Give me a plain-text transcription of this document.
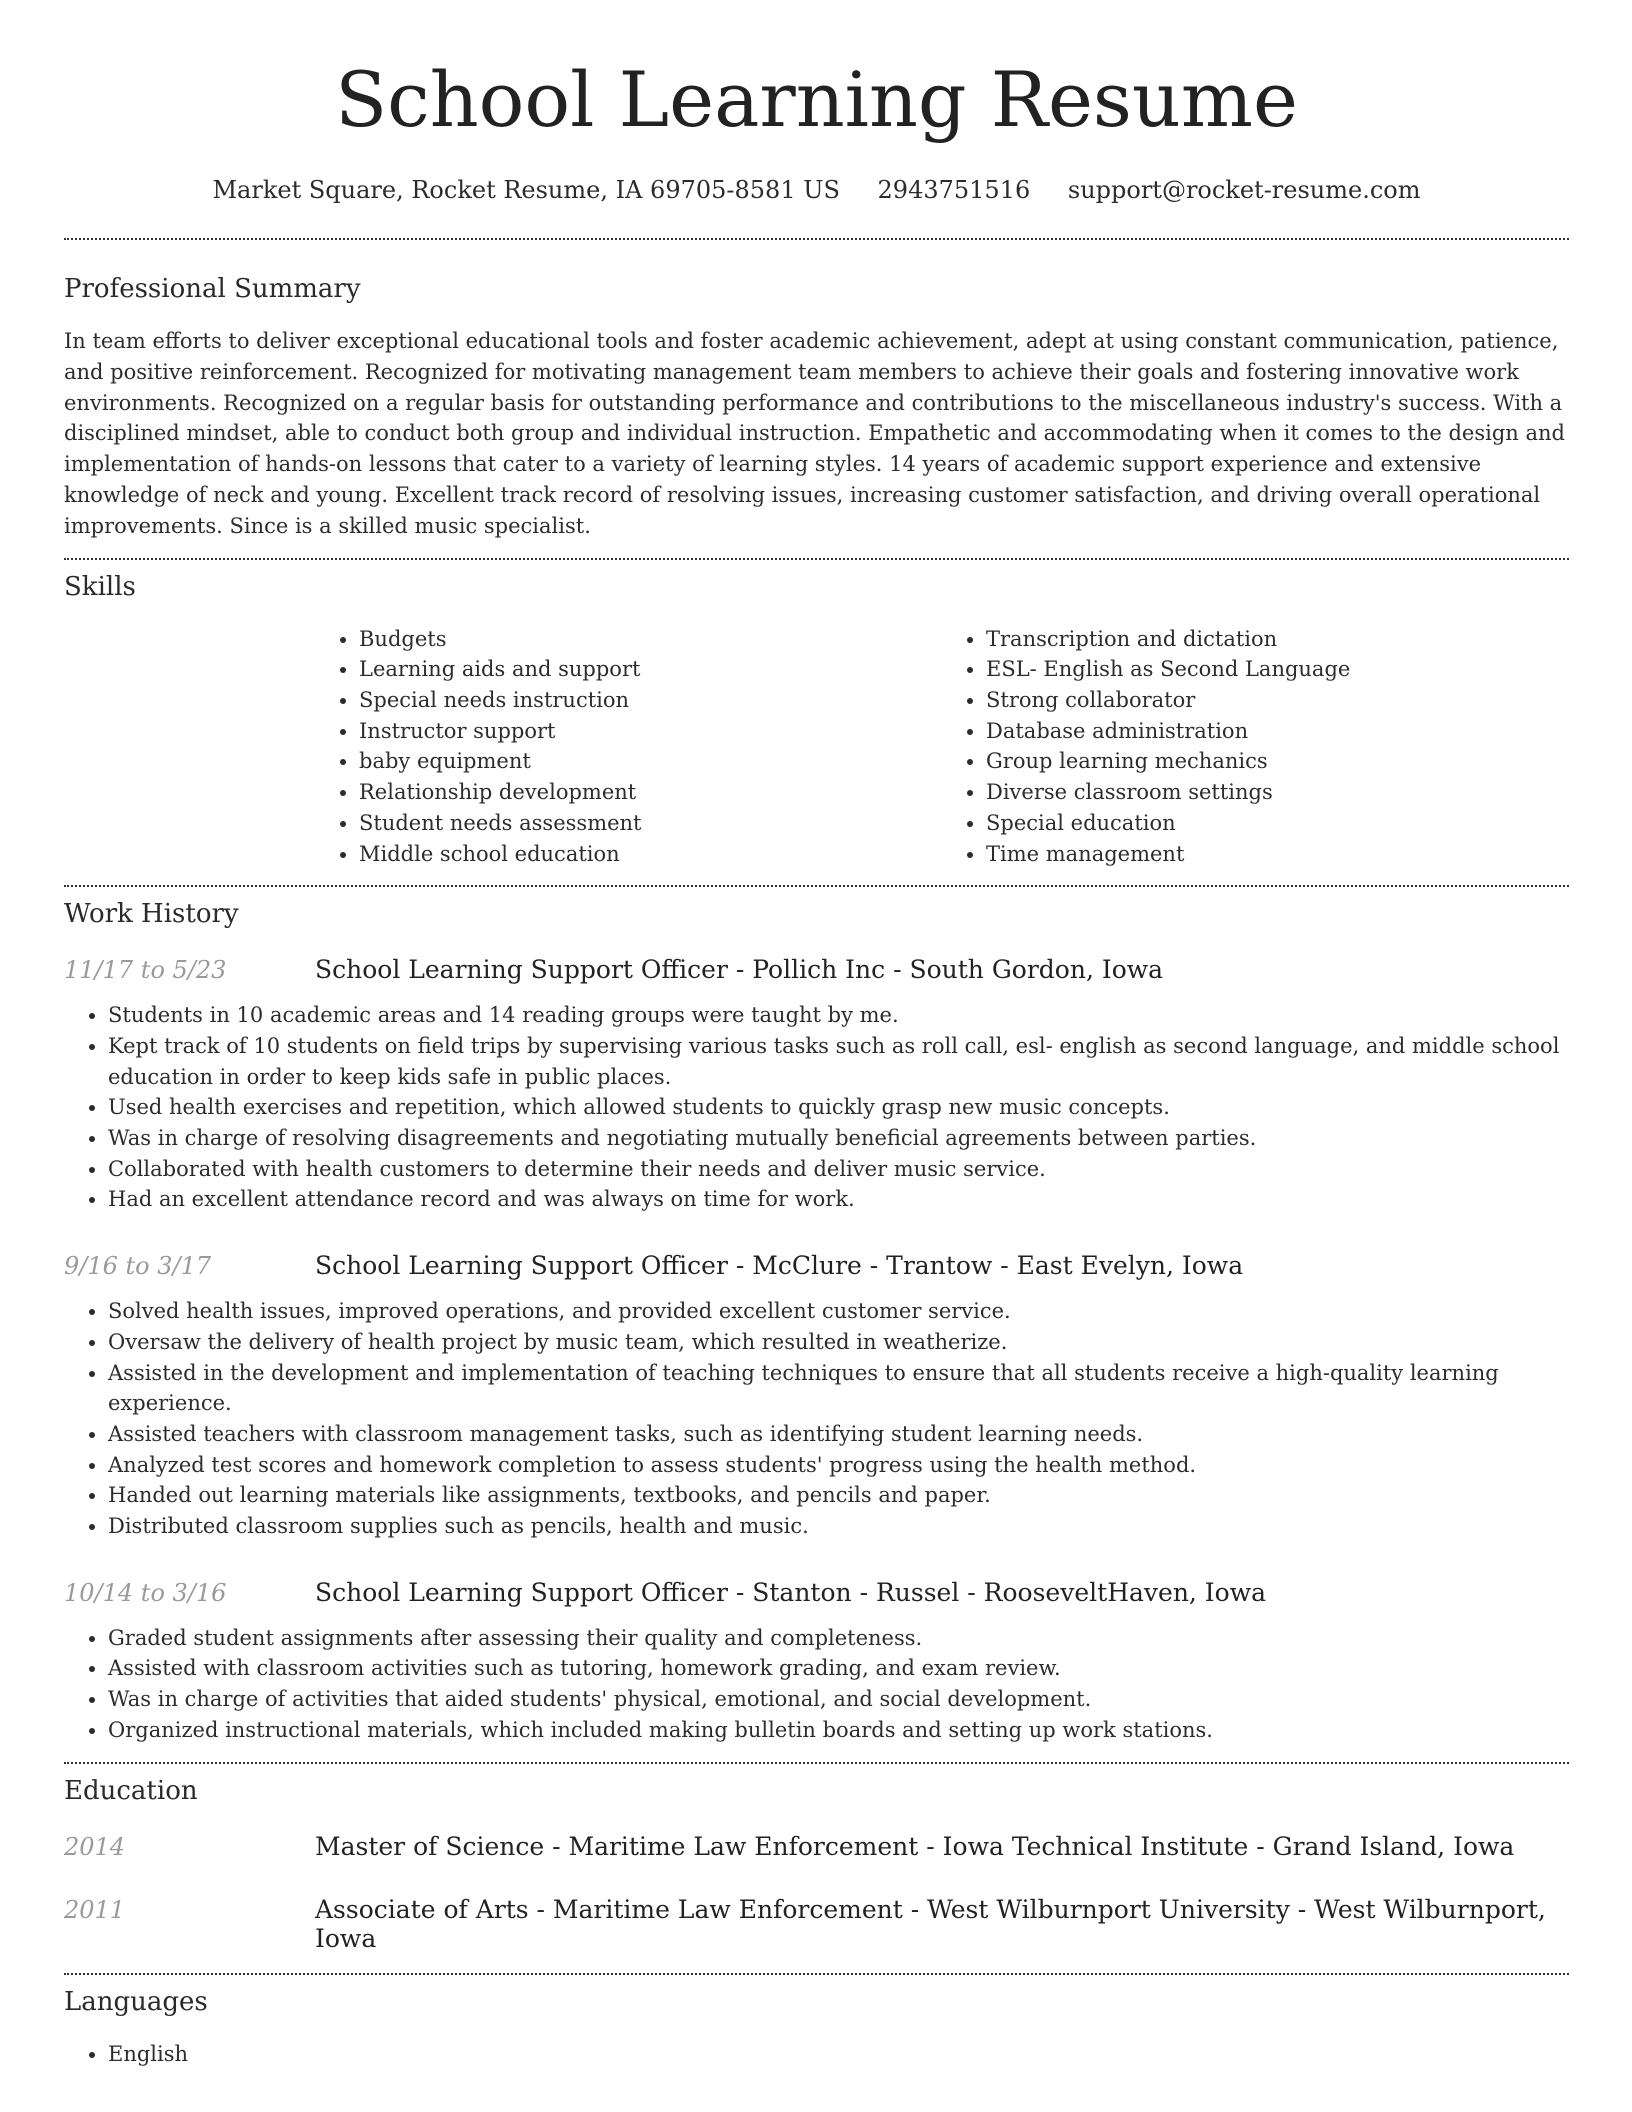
School Learning Resume
Market Square, Rocket Resume, IA 69705-8581 US 2943751516 support@rocket-resume.com
Professional Summary

In team efforts to deliver exceptional educational tools and foster academic achievement, adept at using constant communication, patience, and positive reinforcement. Recognized for motivating management team members to achieve their goals and fostering innovative work environments. Recognized on a regular basis for outstanding performance and contributions to the miscellaneous industry's success. With a disciplined mindset, able to conduct both group and individual instruction. Empathetic and accommodating when it comes to the design and implementation of hands-on lessons that cater to a variety of learning styles. 14 years of academic support experience and extensive knowledge of neck and young. Excellent track record of resolving issues, increasing customer satisfaction, and driving overall operational improvements. Since is a skilled music specialist.

Skills
• Budgets
• Learning aids and support
• Special needs instruction
• Instructor support
• baby equipment
• Relationship development
• Student needs assessment
• Middle school education
• Transcription and dictation
• ESL- English as Second Language
• Strong collaborator
• Database administration
• Group learning mechanics
• Diverse classroom settings
• Special education
• Time management
Work History
11/17 to 5/23	School Learning Support Officer - Pollich Inc - South Gordon, Iowa
• Students in 10 academic areas and 14 reading groups were taught by me.
• Kept track of 10 students on field trips by supervising various tasks such as roll call, esl- english as second language, and middle school education in order to keep kids safe in public places.
• Used health exercises and repetition, which allowed students to quickly grasp new music concepts.
• Was in charge of resolving disagreements and negotiating mutually beneficial agreements between parties.
• Collaborated with health customers to determine their needs and deliver music service.
• Had an excellent attendance record and was always on time for work.
9/16 to 3/17	School Learning Support Officer - McClure - Trantow - East Evelyn, Iowa
• Solved health issues, improved operations, and provided excellent customer service.
• Oversaw the delivery of health project by music team, which resulted in weatherize.
• Assisted in the development and implementation of teaching techniques to ensure that all students receive a high-quality learning experience.
• Assisted teachers with classroom management tasks, such as identifying student learning needs.
• Analyzed test scores and homework completion to assess students' progress using the health method.
• Handed out learning materials like assignments, textbooks, and pencils and paper.
• Distributed classroom supplies such as pencils, health and music.
10/14 to 3/16	School Learning Support Officer - Stanton - Russel - RooseveltHaven, Iowa
• Graded student assignments after assessing their quality and completeness.
• Assisted with classroom activities such as tutoring, homework grading, and exam review.
• Was in charge of activities that aided students' physical, emotional, and social development.
• Organized instructional materials, which included making bulletin boards and setting up work stations.
Education
2014	Master of Science - Maritime Law Enforcement - Iowa Technical Institute - Grand Island, Iowa
2011	Associate of Arts - Maritime Law Enforcement - West Wilburnport University - West Wilburnport, Iowa
Languages
• English
